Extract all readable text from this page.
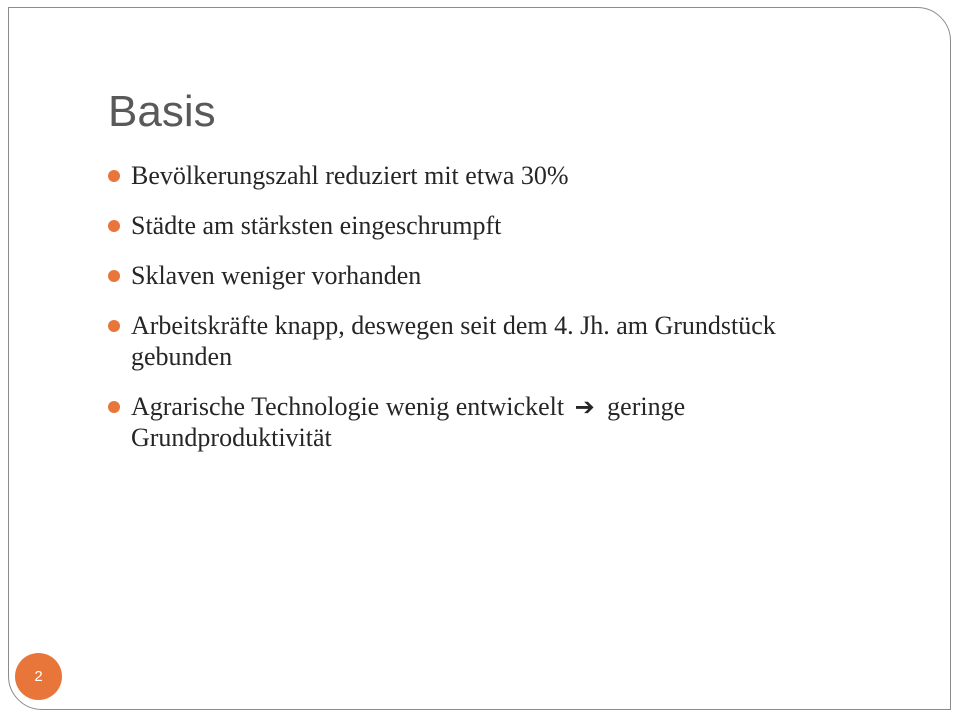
Basis
Bevölkerungszahl reduziert mit etwa 30%
Städte am stärksten eingeschrumpft
Sklaven weniger vorhanden
Arbeitskräfte knapp, deswegen seit dem 4. Jh. am Grundstück gebunden
Agrarische Technologie wenig entwickelt ➔ geringe Grundproduktivität
2
